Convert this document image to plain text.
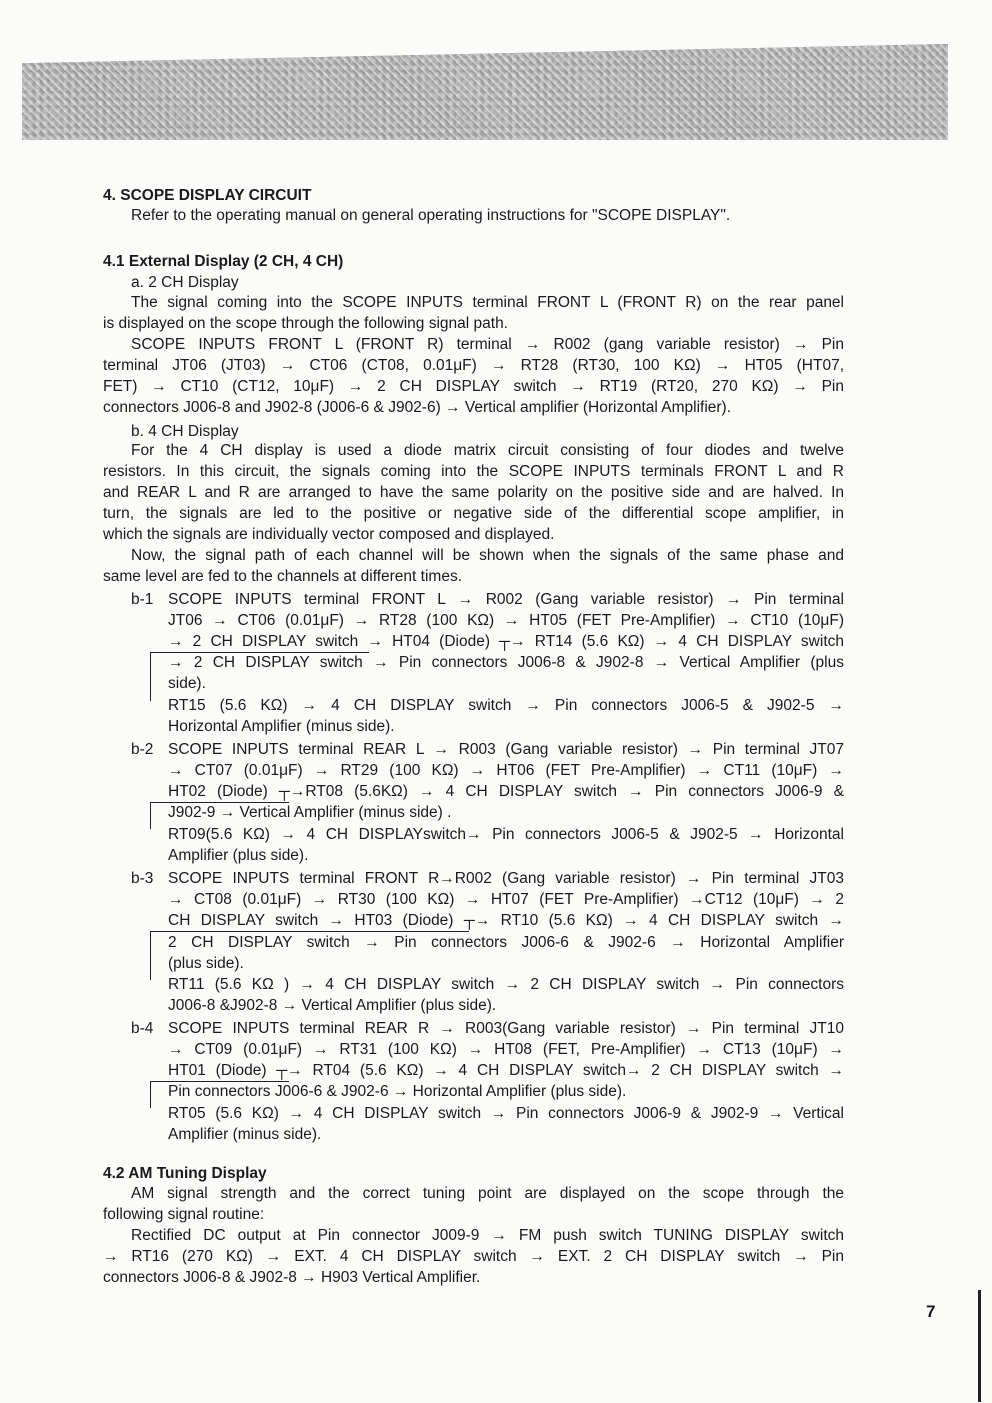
4. SCOPE DISPLAY CIRCUIT

Refer to the operating manual on general operating instructions for "SCOPE DISPLAY".

4.1 External Display (2 CH, 4 CH)

a. 2 CH Display

The signal coming into the SCOPE INPUTS terminal FRONT L (FRONT R) on the rear panel

is displayed on the scope through the following signal path.

SCOPE INPUTS FRONT L (FRONT R) terminal → R002 (gang variable resistor) → Pin

terminal JT06 (JT03) → CT06 (CT08, 0.01μF) → RT28 (RT30, 100 KΩ) → HT05 (HT07,

FET) → CT10 (CT12, 10μF) → 2 CH DISPLAY switch → RT19 (RT20, 270 KΩ) → Pin

connectors J006-8 and J902-8 (J006-6 & J902-6) → Vertical amplifier (Horizontal Amplifier).

b. 4 CH Display

For the 4 CH display is used a diode matrix circuit consisting of four diodes and twelve

resistors. In this circuit, the signals coming into the SCOPE INPUTS terminals FRONT L and R

and REAR L and R are arranged to have the same polarity on the positive side and are halved. In

turn, the signals are led to the positive or negative side of the differential scope amplifier, in

which the signals are individually vector composed and displayed.

Now, the signal path of each channel will be shown when the signals of the same phase and

same level are fed to the channels at different times.

b-1 SCOPE INPUTS terminal FRONT L → R002 (Gang variable resistor) → Pin terminal

JT06 → CT06 (0.01μF) → RT28 (100 KΩ) → HT05 (FET Pre-Amplifier) → CT10 (10μF)

→ 2 CH DISPLAY switch → HT04 (Diode) ┬→ RT14 (5.6 KΩ) → 4 CH DISPLAY switch

→ 2 CH DISPLAY switch → Pin connectors J006-8 & J902-8 → Vertical Amplifier (plus

side).

RT15 (5.6 KΩ) → 4 CH DISPLAY switch → Pin connectors J006-5 & J902-5 →

Horizontal Amplifier (minus side).

b-2 SCOPE INPUTS terminal REAR L → R003 (Gang variable resistor) → Pin terminal JT07

→ CT07 (0.01μF) → RT29 (100 KΩ) → HT06 (FET Pre-Amplifier) → CT11 (10μF) →

HT02 (Diode) ┬→RT08 (5.6KΩ) → 4 CH DISPLAY switch → Pin connectors J006-9 &

J902-9 → Vertical Amplifier (minus side) .

RT09(5.6 KΩ) → 4 CH DISPLAYswitch→ Pin connectors J006-5 & J902-5 → Horizontal

Amplifier (plus side).

b-3 SCOPE INPUTS terminal FRONT R→R002 (Gang variable resistor) → Pin terminal JT03

→ CT08 (0.01μF) → RT30 (100 KΩ) → HT07 (FET Pre-Amplifier) →CT12 (10μF) → 2

CH DISPLAY switch → HT03 (Diode) ┬→ RT10 (5.6 KΩ) → 4 CH DISPLAY switch →

2 CH DISPLAY switch → Pin connectors J006-6 & J902-6 → Horizontal Amplifier

(plus side).

RT11 (5.6 KΩ ) → 4 CH DISPLAY switch → 2 CH DISPLAY switch → Pin connectors

J006-8 &J902-8 → Vertical Amplifier (plus side).

b-4 SCOPE INPUTS terminal REAR R → R003(Gang variable resistor) → Pin terminal JT10

→ CT09 (0.01μF) → RT31 (100 KΩ) → HT08 (FET, Pre-Amplifier) → CT13 (10μF) →

HT01 (Diode) ┬→ RT04 (5.6 KΩ) → 4 CH DISPLAY switch→ 2 CH DISPLAY switch →

Pin connectors J006-6 & J902-6 → Horizontal Amplifier (plus side).

RT05 (5.6 KΩ) → 4 CH DISPLAY switch → Pin connectors J006-9 & J902-9 → Vertical

Amplifier (minus side).

4.2 AM Tuning Display

AM signal strength and the correct tuning point are displayed on the scope through the

following signal routine:

Rectified DC output at Pin connector J009-9 → FM push switch TUNING DISPLAY switch

→ RT16 (270 KΩ) → EXT. 4 CH DISPLAY switch → EXT. 2 CH DISPLAY switch → Pin

connectors J006-8 & J902-8 → H903 Vertical Amplifier.

7
